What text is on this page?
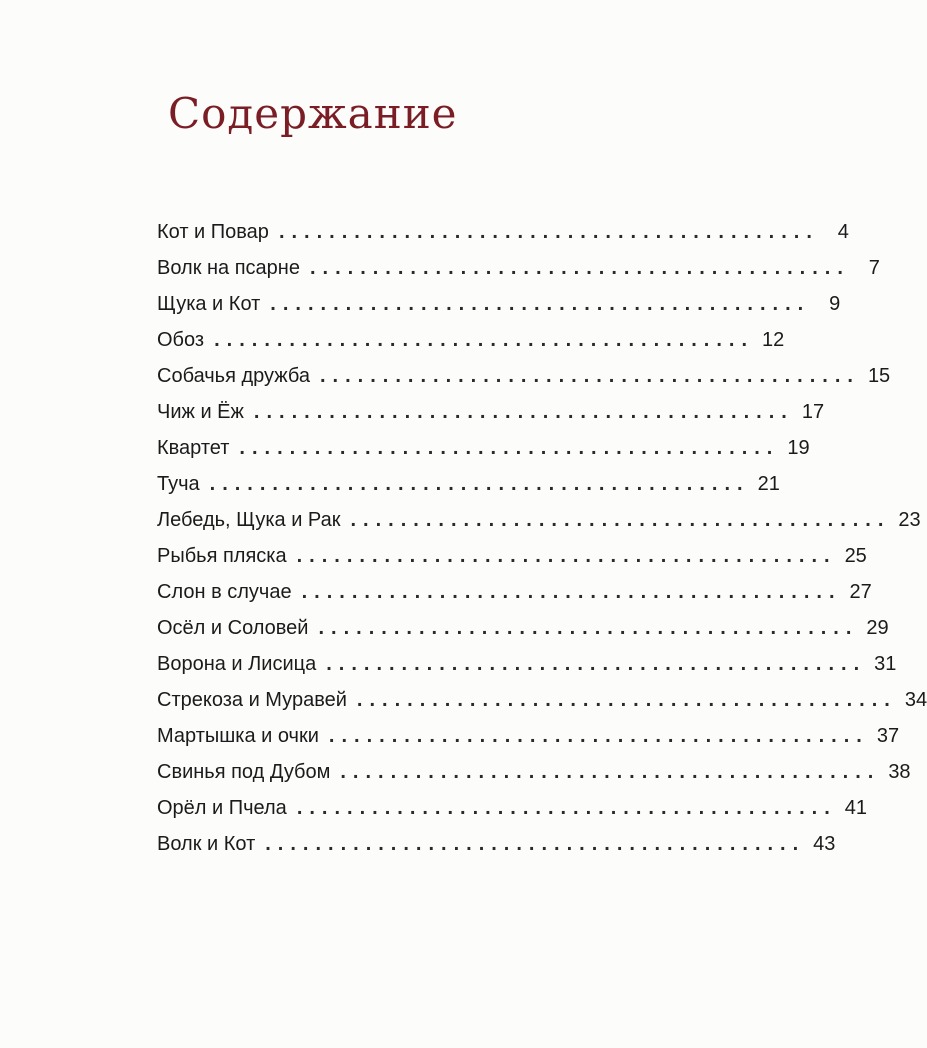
Содержание
Кот и Повар ........................................... 4
Волк на псарне ........................................... 7
Щука и Кот ........................................... 9
Обоз ........................................... 12
Собачья дружба ........................................... 15
Чиж и Ёж ........................................... 17
Квартет ........................................... 19
Туча ........................................... 21
Лебедь, Щука и Рак ........................................... 23
Рыбья пляска ........................................... 25
Слон в случае ........................................... 27
Осёл и Соловей ........................................... 29
Ворона и Лисица ........................................... 31
Стрекоза и Муравей ........................................... 34
Мартышка и очки ........................................... 37
Свинья под Дубом ........................................... 38
Орёл и Пчела ........................................... 41
Волк и Кот ........................................... 43
